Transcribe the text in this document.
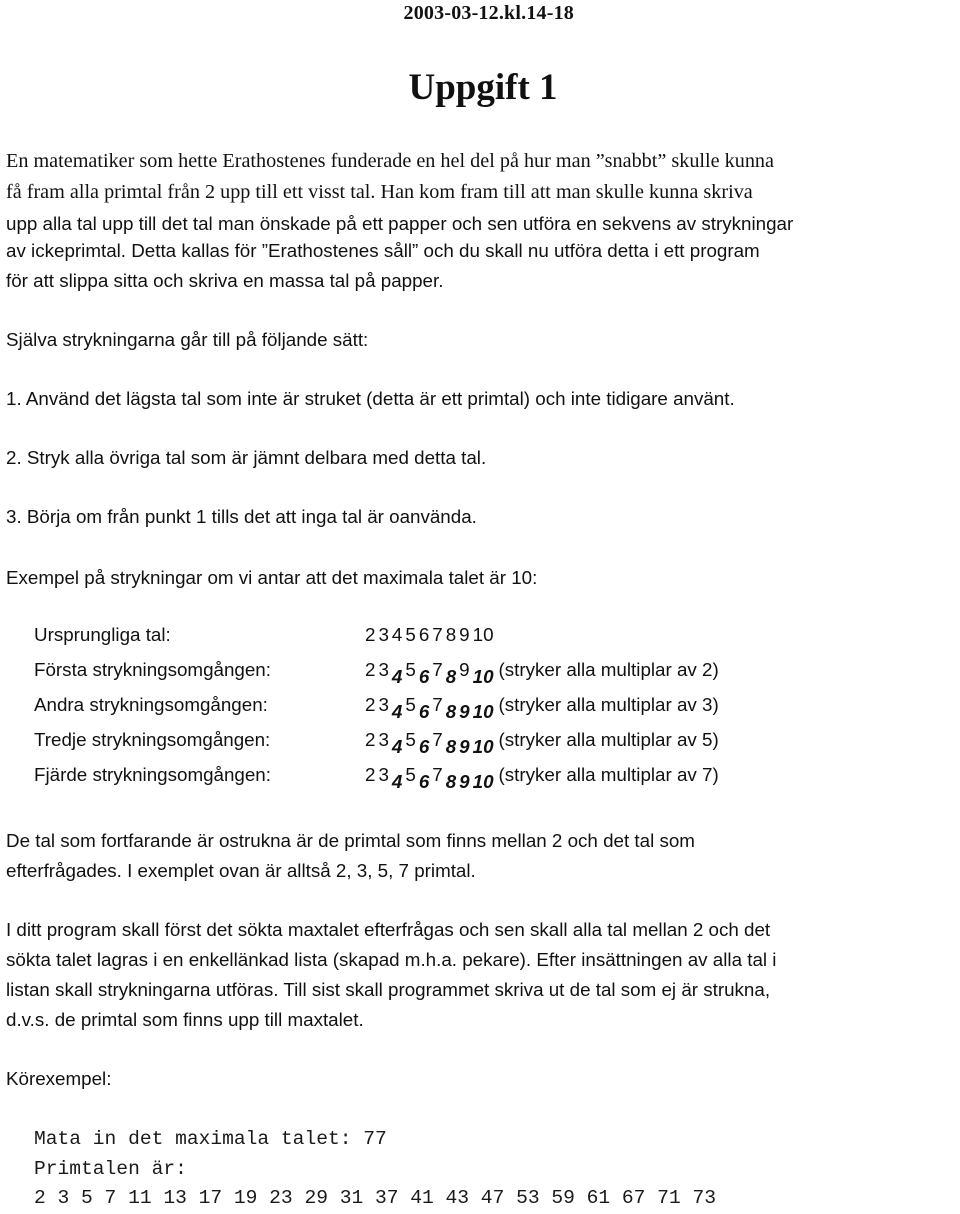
2003-03-12.kl.14-18
Uppgift 1
En matematiker som hette Erathostenes funderade en hel del på hur man ”snabbt” skulle kunna
få fram alla primtal från 2 upp till ett visst tal. Han kom fram till att man skulle kunna skriva
upp alla tal upp till det tal man önskade på ett papper och sen utföra en sekvens av strykningar
av ickeprimtal. Detta kallas för ”Erathostenes såll” och du skall nu utföra detta i ett program
för att slippa sitta och skriva en massa tal på papper.
Själva strykningarna går till på följande sätt:
1. Använd det lägsta tal som inte är struket (detta är ett primtal) och inte tidigare använt.
2. Stryk alla övriga tal som är jämnt delbara med detta tal.
3. Börja om från punkt 1 tills det att inga tal är oanvända.
Exempel på strykningar om vi antar att det maximala talet är 10:
Ursprungliga tal:	2 3 4 5 6 7 8 9 10
Första strykningsomgången:	2 3 4 5 6 7 8 9 10 (stryker alla multiplar av 2)
Andra strykningsomgången:	2 3 4 5 6 7 8 9 10 (stryker alla multiplar av 3)
Tredje strykningsomgången:	2 3 4 5 6 7 8 9 10 (stryker alla multiplar av 5)
Fjärde strykningsomgången:	2 3 4 5 6 7 8 9 10 (stryker alla multiplar av 7)
De tal som fortfarande är ostrukna är de primtal som finns mellan 2 och det tal som
efterfrågades. I exemplet ovan är alltså 2, 3, 5, 7 primtal.
I ditt program skall först det sökta maxtalet efterfrågas och sen skall alla tal mellan 2 och det
sökta talet lagras i en enkellänkad lista (skapad m.h.a. pekare). Efter insättningen av alla tal i
listan skall strykningarna utföras. Till sist skall programmet skriva ut de tal som ej är strukna,
d.v.s. de primtal som finns upp till maxtalet.
Körexempel:
Mata in det maximala talet: 77
Primtalen är:
2 3 5 7 11 13 17 19 23 29 31 37 41 43 47 53 59 61 67 71 73
